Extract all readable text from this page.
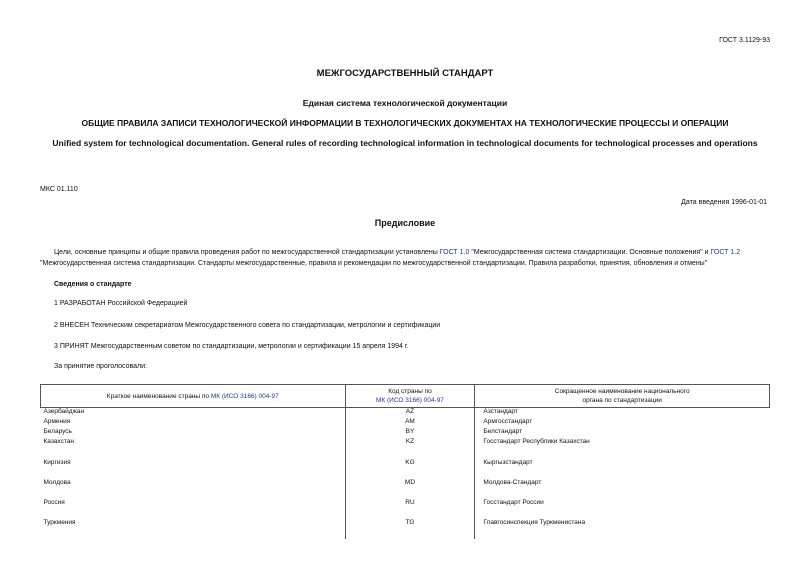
ГОСТ 3.1129-93
МЕЖГОСУДАРСТВЕННЫЙ СТАНДАРТ
Единая система технологической документации
ОБЩИЕ ПРАВИЛА ЗАПИСИ ТЕХНОЛОГИЧЕСКОЙ ИНФОРМАЦИИ В ТЕХНОЛОГИЧЕСКИХ ДОКУМЕНТАХ НА ТЕХНОЛОГИЧЕСКИЕ ПРОЦЕССЫ И ОПЕРАЦИИ
Unified system for technological documentation. General rules of recording technological information in technological documents for technological processes and operations
МКС 01.110
Дата введения 1996-01-01
Предисловие
Цели, основные принципы и общие правила проведения работ по межгосударственной стандартизации установлены ГОСТ 1.0 "Межгосударственная система стандартизации. Основные положения" и ГОСТ 1.2 "Межгосударственная система стандартизации. Стандарты межгосударственные, правила и рекомендации по межгосударственной стандартизации. Правила разработки, принятия, обновления и отмены"
Сведения о стандарте
1 РАЗРАБОТАН Российской Федерацией
2 ВНЕСЕН Техническим секретариатом Межгосударственного совета по стандартизации, метрологии и сертификации
3 ПРИНЯТ Межгосударственным советом по стандартизации, метрологии и сертификации 15 апреля 1994 г.
За принятие проголосовали:
Краткое наименование страны по МК (ИСО 3166) 004-97	Код страны по
МК (ИСО 3166) 004-97	Сокращенное наименование национального
органа по стандартизации
Азербайджан	AZ	Азстандарт
Армения	AM	Армгосстандарт
Беларусь	BY	Белстандарт
Казахстан	KZ	Госстандарт Республики Казахстан
Киргизия	KG	Кыргызстандарт
Молдова	MD	Молдова-Стандарт
Россия	RU	Госстандарт России
Туркмения	TG	Главгосинспекция Туркменистана
